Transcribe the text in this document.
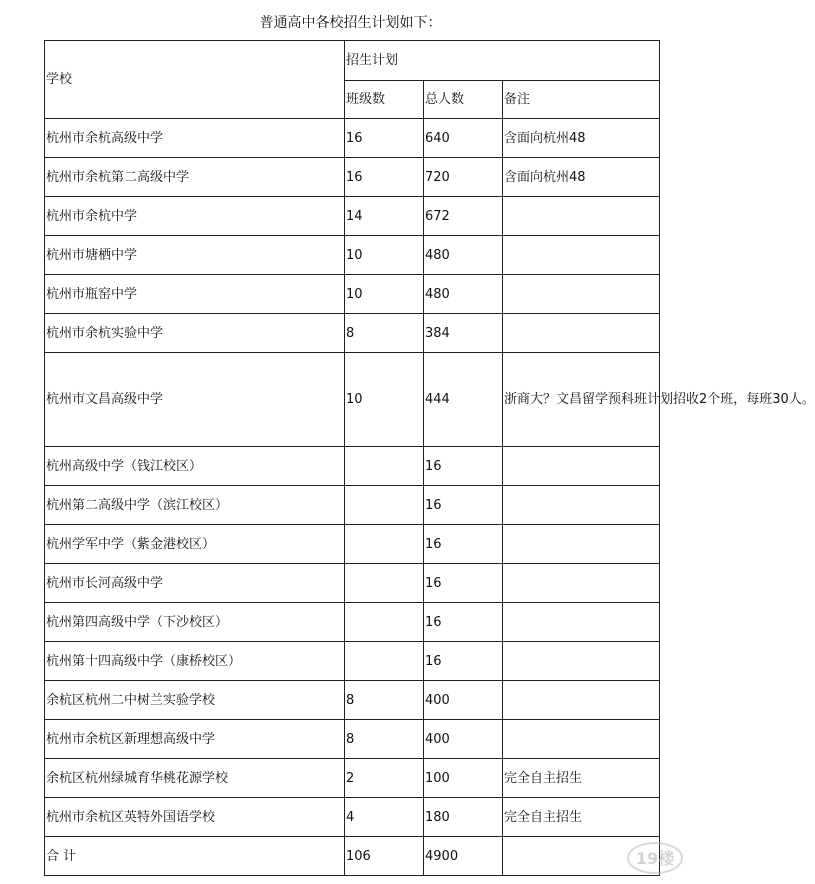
普通高中各校招生计划如下：
学校	招生计划		
	班级数	总人数	备注
杭州市余杭高级中学	16	640	含面向杭州48
杭州市余杭第二高级中学	16	720	含面向杭州48
杭州市余杭中学	14	672	
杭州市塘栖中学	10	480	
杭州市瓶窑中学	10	480	
杭州市余杭实验中学	8	384	
杭州市文昌高级中学	10	444	浙商大？文昌留学预科班计划招收2个班，每班30人。
杭州高级中学（钱江校区）		16	
杭州第二高级中学（滨江校区）		16	
杭州学军中学（紫金港校区）		16	
杭州市长河高级中学		16	
杭州第四高级中学（下沙校区）		16	
杭州第十四高级中学（康桥校区）		16	
余杭区杭州二中树兰实验学校	8	400	
杭州市余杭区新理想高级中学	8	400	
余杭区杭州绿城育华桃花源学校	2	100	完全自主招生
杭州市余杭区英特外国语学校	4	180	完全自主招生
合 计	106	4900		19楼
